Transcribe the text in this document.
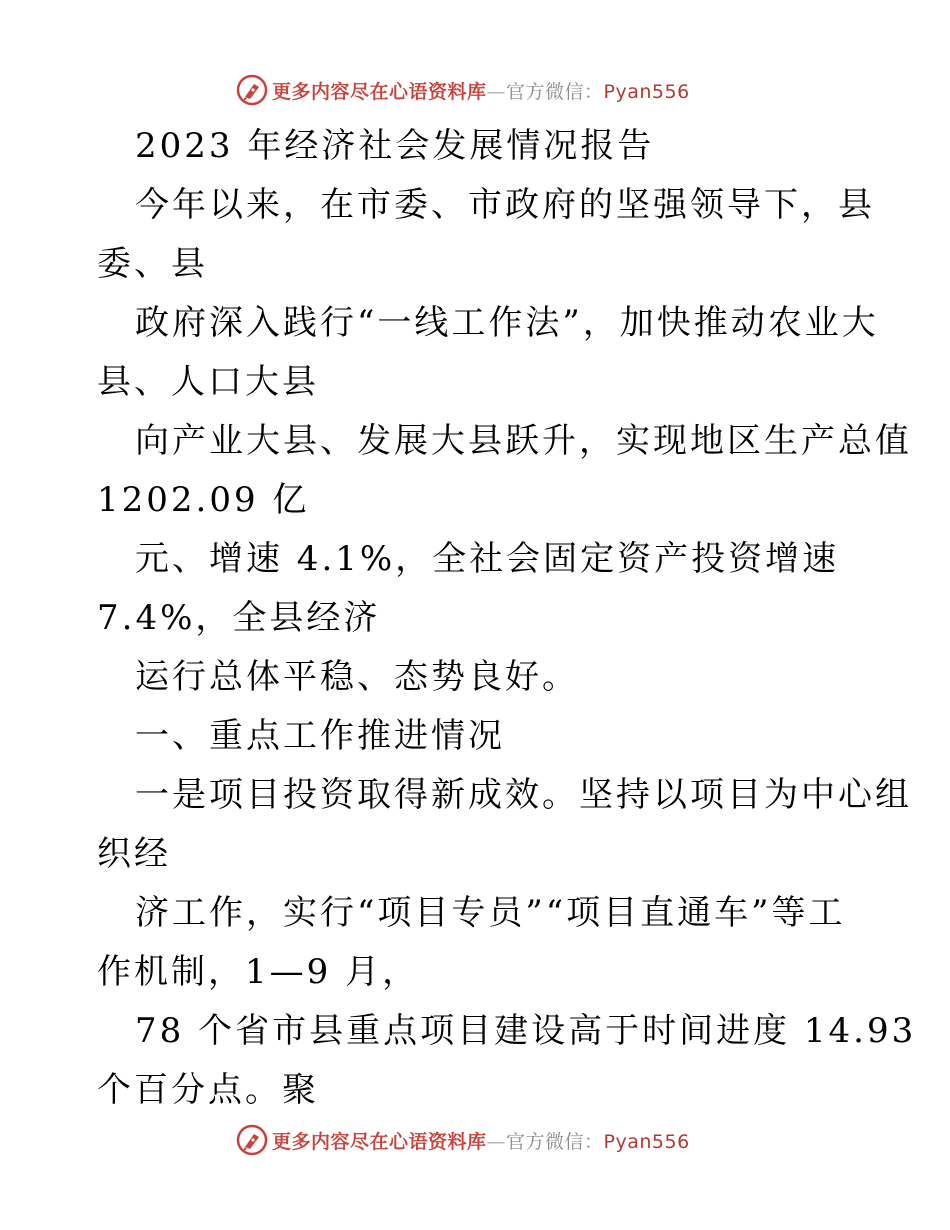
更多内容尽在心语资料库—官方微信：Pyan556
2023 年经济社会发展情况报告
今年以来，在市委、市政府的坚强领导下，县
委、县
政府深入践行“一线工作法”，加快推动农业大
县、人口大县
向产业大县、发展大县跃升，实现地区生产总值
1202.09 亿
元、增速 4.1%，全社会固定资产投资增速
7.4%，全县经济
运行总体平稳、态势良好。
一、重点工作推进情况
一是项目投资取得新成效。坚持以项目为中心组
织经
济工作，实行“项目专员”“项目直通车”等工
作机制，1—9 月，
78 个省市县重点项目建设高于时间进度 14.93
个百分点。聚
更多内容尽在心语资料库—官方微信：Pyan556
